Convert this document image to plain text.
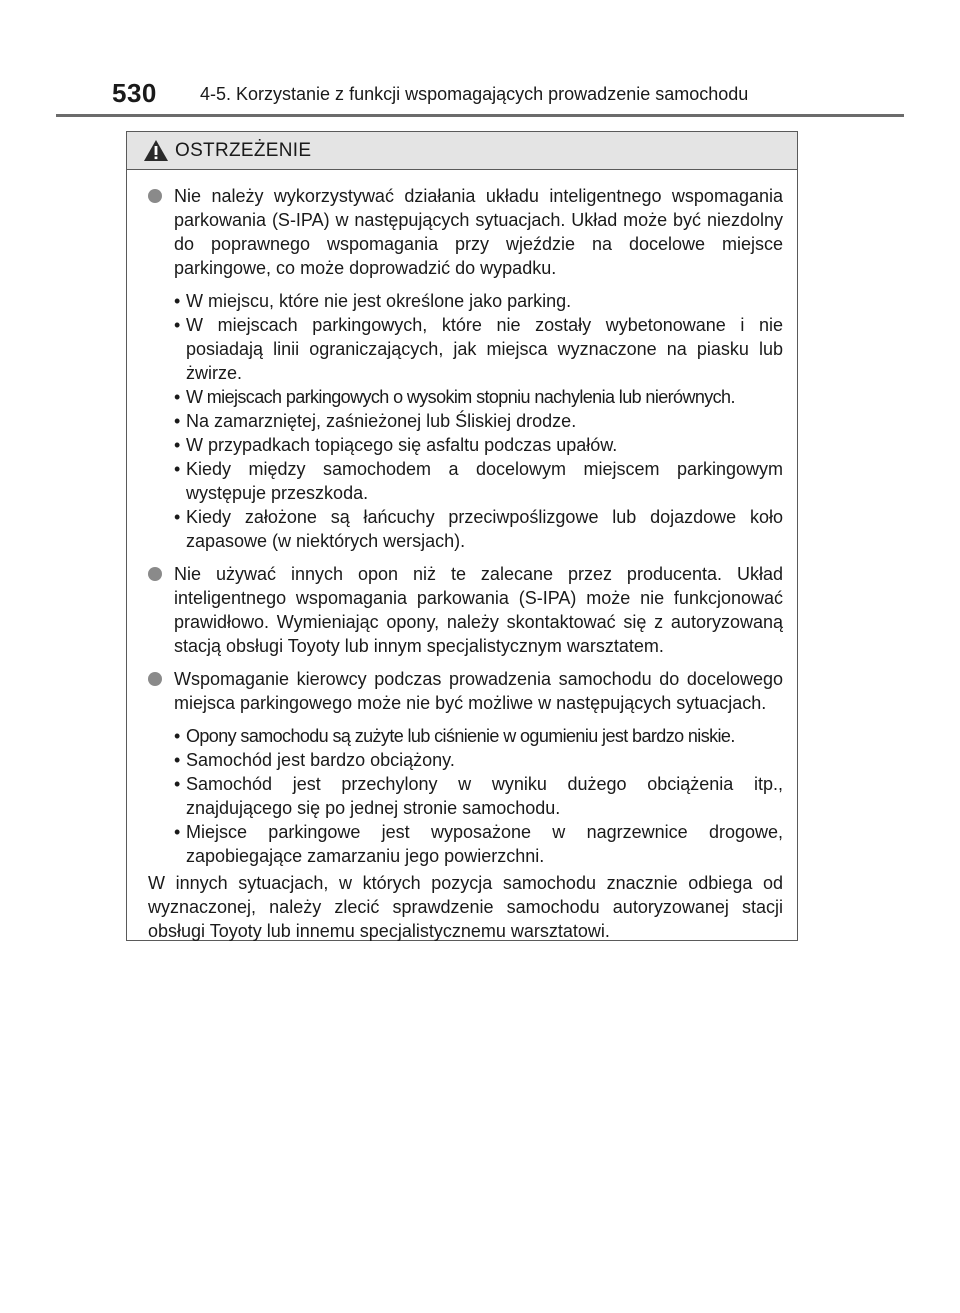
530 4-5. Korzystanie z funkcji wspomagających prowadzenie samochodu
OSTRZEŻENIE
Nie należy wykorzystywać działania układu inteligentnego wspomagania parkowania (S-IPA) w następujących sytuacjach. Układ może być niezdolny do poprawnego wspomagania przy wjeździe na docelowe miejsce parkingowe, co może doprowadzić do wypadku.

• W miejscu, które nie jest określone jako parking.

• W miejscach parkingowych, które nie zostały wybetonowane i nie posiadają linii ograniczających, jak miejsca wyznaczone na piasku lub żwirze.

• W miejscach parkingowych o wysokim stopniu nachylenia lub nierównych.

• Na zamarzniętej, zaśnieżonej lub Śliskiej drodze.

• W przypadkach topiącego się asfaltu podczas upałów.

• Kiedy między samochodem a docelowym miejscem parkingowym występuje przeszkoda.

• Kiedy założone są łańcuchy przeciwpoślizgowe lub dojazdowe koło zapasowe (w niektórych wersjach).

Nie używać innych opon niż te zalecane przez producenta. Układ inteligentnego wspomagania parkowania (S-IPA) może nie funkcjonować prawidłowo. Wymieniając opony, należy skontaktować się z autoryzowaną stacją obsługi Toyoty lub innym specjalistycznym warsztatem.
Wspomaganie kierowcy podczas prowadzenia samochodu do docelowego miejsca parkingowego może nie być możliwe w następujących sytuacjach.

• Opony samochodu są zużyte lub ciśnienie w ogumieniu jest bardzo niskie.

• Samochód jest bardzo obciążony.

• Samochód jest przechylony w wyniku dużego obciążenia itp., znajdującego się po jednej stronie samochodu.

• Miejsce parkingowe jest wyposażone w nagrzewnice drogowe, zapobiegające zamarzaniu jego powierzchni.

W innych sytuacjach, w których pozycja samochodu znacznie odbiega od wyznaczonej, należy zlecić sprawdzenie samochodu autoryzowanej stacji obsługi Toyoty lub innemu specjalistycznemu warsztatowi.
